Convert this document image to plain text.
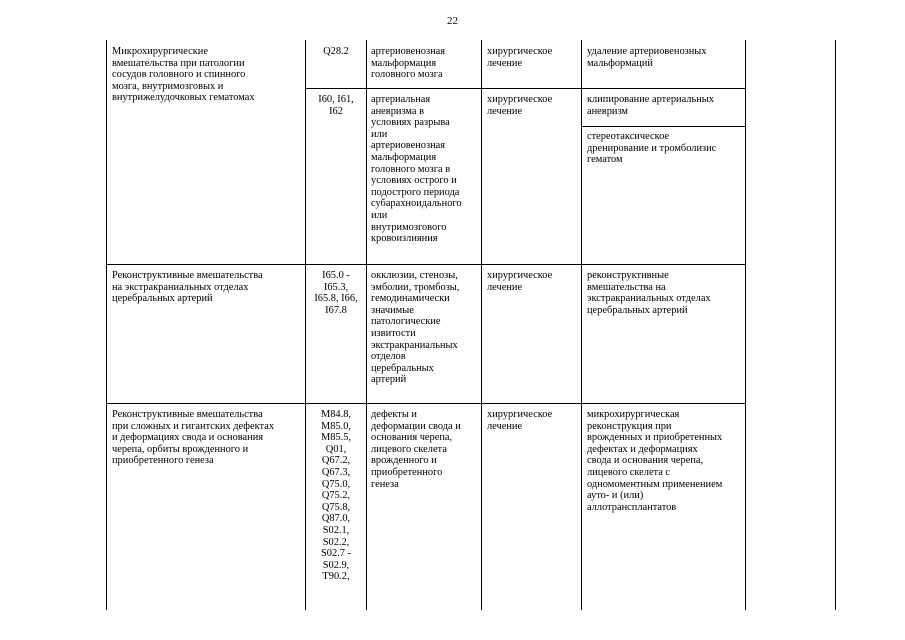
22
Микрохирургические
вмешательства при патологии
сосудов головного и спинного
мозга, внутримозговых и
внутрижелудочковых гематомах
Q28.2	артериовенозная
мальформация
головного мозга
хирургическое
лечение
удаление артериовенозных
мальформаций
I60, I61,
I62
артериальная
аневризма в
условиях разрыва
или
артериовенозная
мальформация
головного мозга в
условиях острого и
подострого периода
субарахноидального
или
внутримозгового
кровоизлияния
хирургическое
лечение
клипирование артериальных
аневризм
стереотаксическое
дренирование и тромболизис
гематом
Реконструктивные вмешательства
на экстракраниальных отделах
церебральных артерий
I65.0 -
I65.3,
I65.8, I66,
I67.8
окклюзии, стенозы,
эмболии, тромбозы,
гемодинамически
значимые
патологические
извитости
экстракраниальных
отделов
церебральных
артерий
хирургическое
лечение
реконструктивные
вмешательства на
экстракраниальных отделах
церебральных артерий
Реконструктивные вмешательства
при сложных и гигантских дефектах
и деформациях свода и основания
черепа, орбиты врожденного и
приобретенного генеза
M84.8,
M85.0,
M85.5,
Q01,
Q67.2,
Q67.3,
Q75.0,
Q75.2,
Q75.8,
Q87.0,
S02.1,
S02.2,
S02.7 -
S02.9,
T90.2,
дефекты и
деформации свода и
основания черепа,
лицевого скелета
врожденного и
приобретенного
генеза
хирургическое
лечение
микрохирургическая
реконструкция при
врожденных и приобретенных
дефектах и деформациях
свода и основания черепа,
лицевого скелета с
одномоментным применением
ауто- и (или)
аллотрансплантатов
